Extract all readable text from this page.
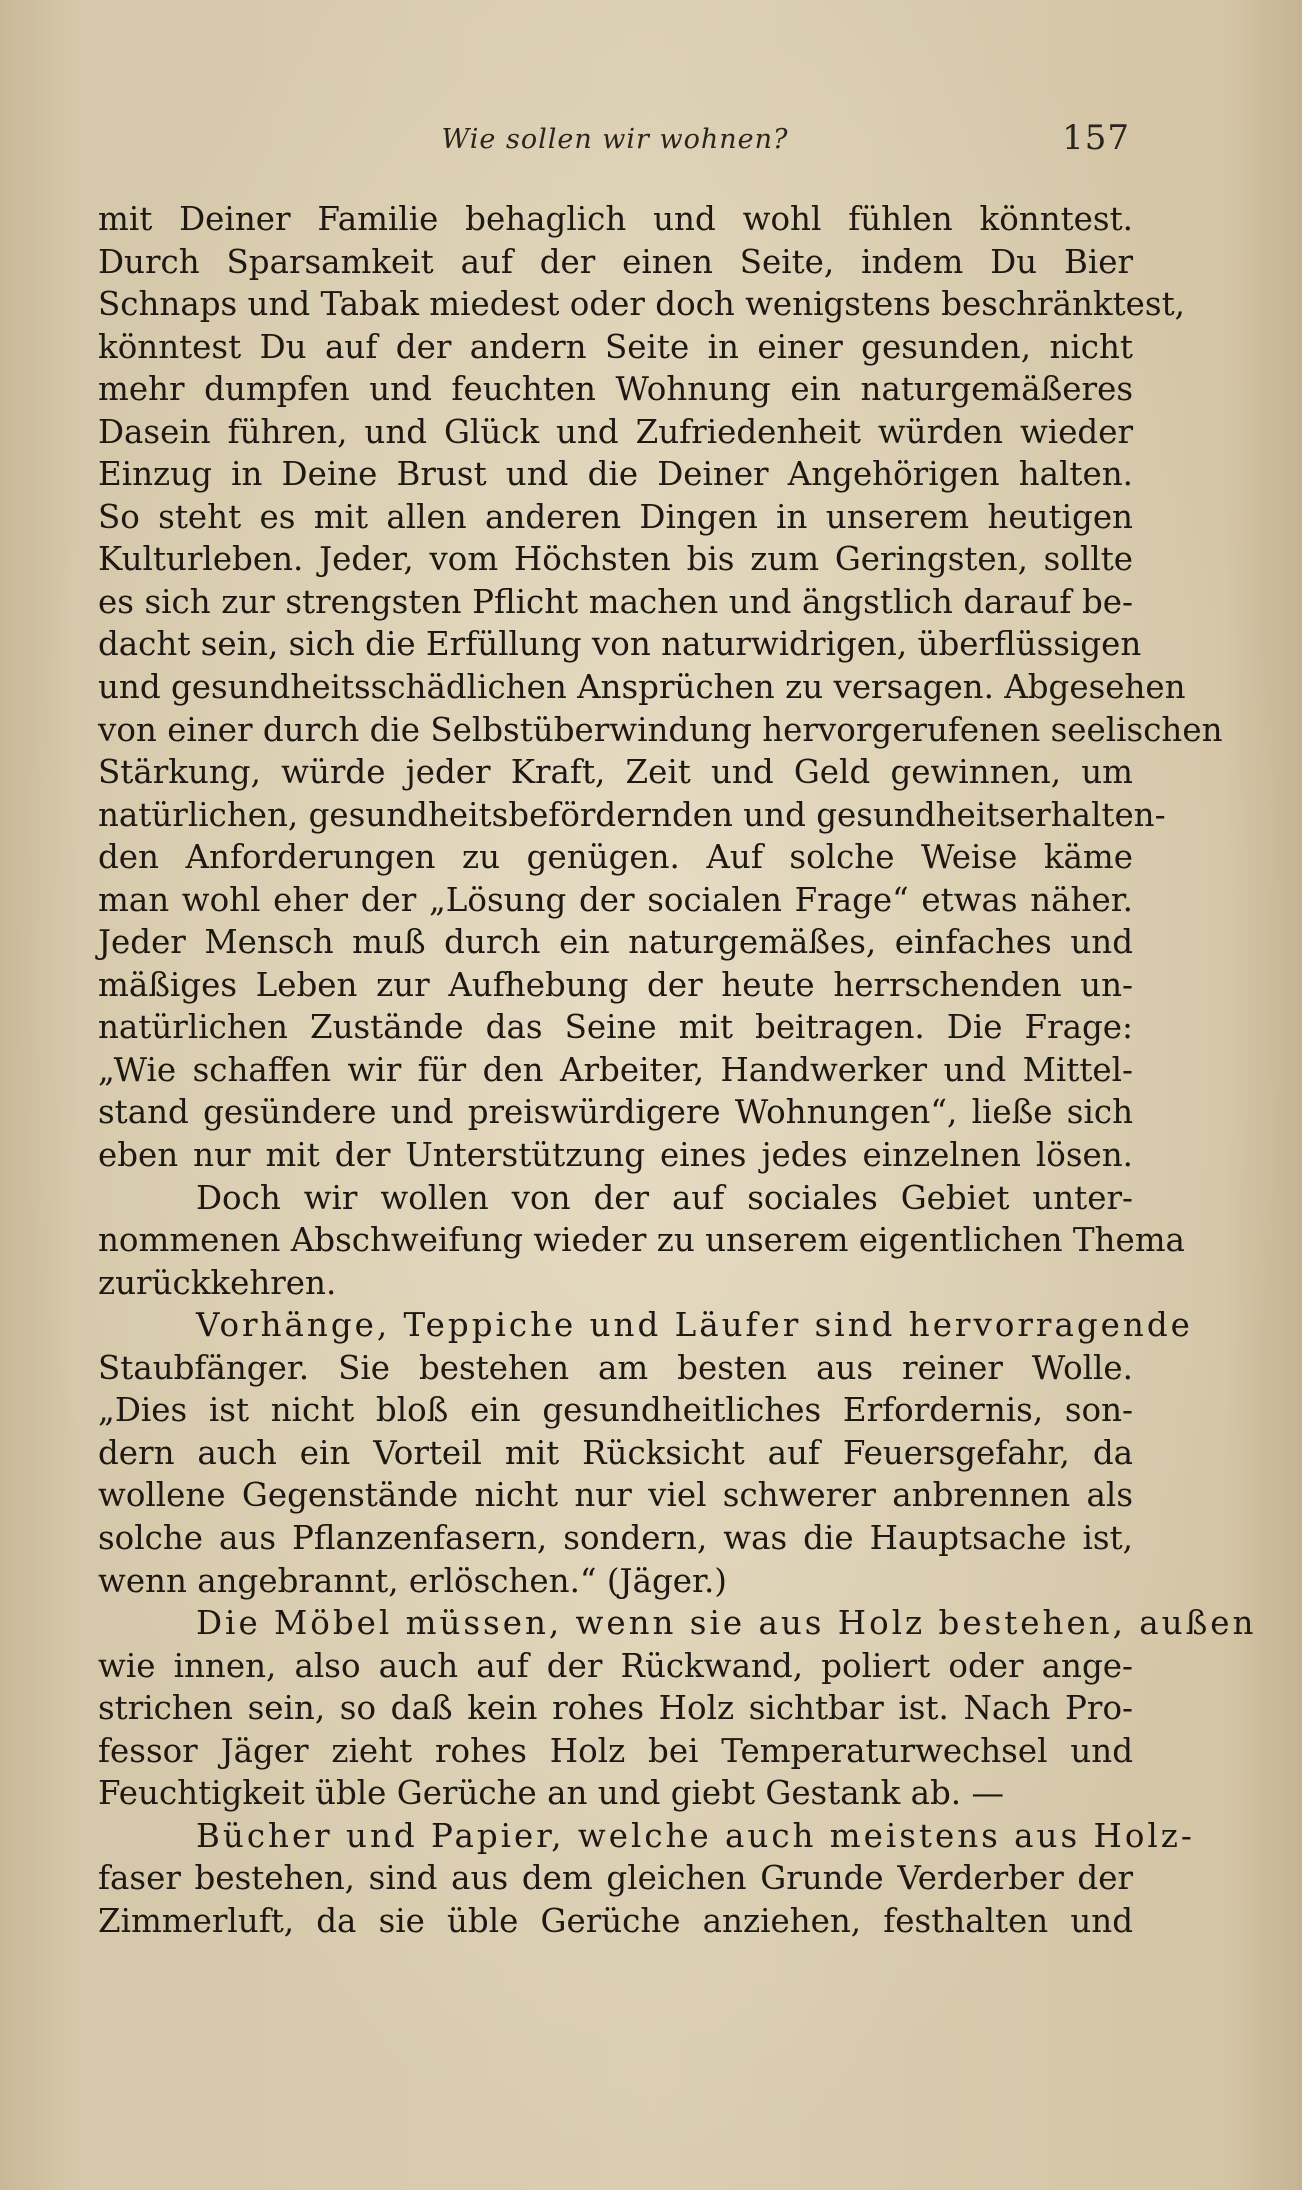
Wie sollen wir wohnen?	157
mit Deiner Familie behaglich und wohl fühlen könntest.
Durch Sparsamkeit auf der einen Seite, indem Du Bier
Schnaps und Tabak miedest oder doch wenigstens beschränktest,
könntest Du auf der andern Seite in einer gesunden, nicht
mehr dumpfen und feuchten Wohnung ein naturgemäßeres
Dasein führen, und Glück und Zufriedenheit würden wieder
Einzug in Deine Brust und die Deiner Angehörigen halten.
So steht es mit allen anderen Dingen in unserem heutigen
Kulturleben. Jeder, vom Höchsten bis zum Geringsten, sollte
es sich zur strengsten Pflicht machen und ängstlich darauf be-
dacht sein, sich die Erfüllung von naturwidrigen, überflüssigen
und gesundheitsschädlichen Ansprüchen zu versagen. Abgesehen
von einer durch die Selbstüberwindung hervorgerufenen seelischen
Stärkung, würde jeder Kraft, Zeit und Geld gewinnen, um
natürlichen, gesundheitsbefördernden und gesundheitserhalten-
den Anforderungen zu genügen. Auf solche Weise käme
man wohl eher der „Lösung der socialen Frage“ etwas näher.
Jeder Mensch muß durch ein naturgemäßes, einfaches und
mäßiges Leben zur Aufhebung der heute herrschenden un-
natürlichen Zustände das Seine mit beitragen. Die Frage:
„Wie schaffen wir für den Arbeiter, Handwerker und Mittel-
stand gesündere und preiswürdigere Wohnungen“, ließe sich
eben nur mit der Unterstützung eines jedes einzelnen lösen.
Doch wir wollen von der auf sociales Gebiet unter-
nommenen Abschweifung wieder zu unserem eigentlichen Thema
zurückkehren.
Vorhänge, Teppiche und Läufer sind hervorragende
Staubfänger. Sie bestehen am besten aus reiner Wolle.
„Dies ist nicht bloß ein gesundheitliches Erfordernis, son-
dern auch ein Vorteil mit Rücksicht auf Feuersgefahr, da
wollene Gegenstände nicht nur viel schwerer anbrennen als
solche aus Pflanzenfasern, sondern, was die Hauptsache ist,
wenn angebrannt, erlöschen.“ (Jäger.)
Die Möbel müssen, wenn sie aus Holz bestehen, außen
wie innen, also auch auf der Rückwand, poliert oder ange-
strichen sein, so daß kein rohes Holz sichtbar ist. Nach Pro-
fessor Jäger zieht rohes Holz bei Temperaturwechsel und
Feuchtigkeit üble Gerüche an und giebt Gestank ab. —
Bücher und Papier, welche auch meistens aus Holz-
faser bestehen, sind aus dem gleichen Grunde Verderber der
Zimmerluft, da sie üble Gerüche anziehen, festhalten und
